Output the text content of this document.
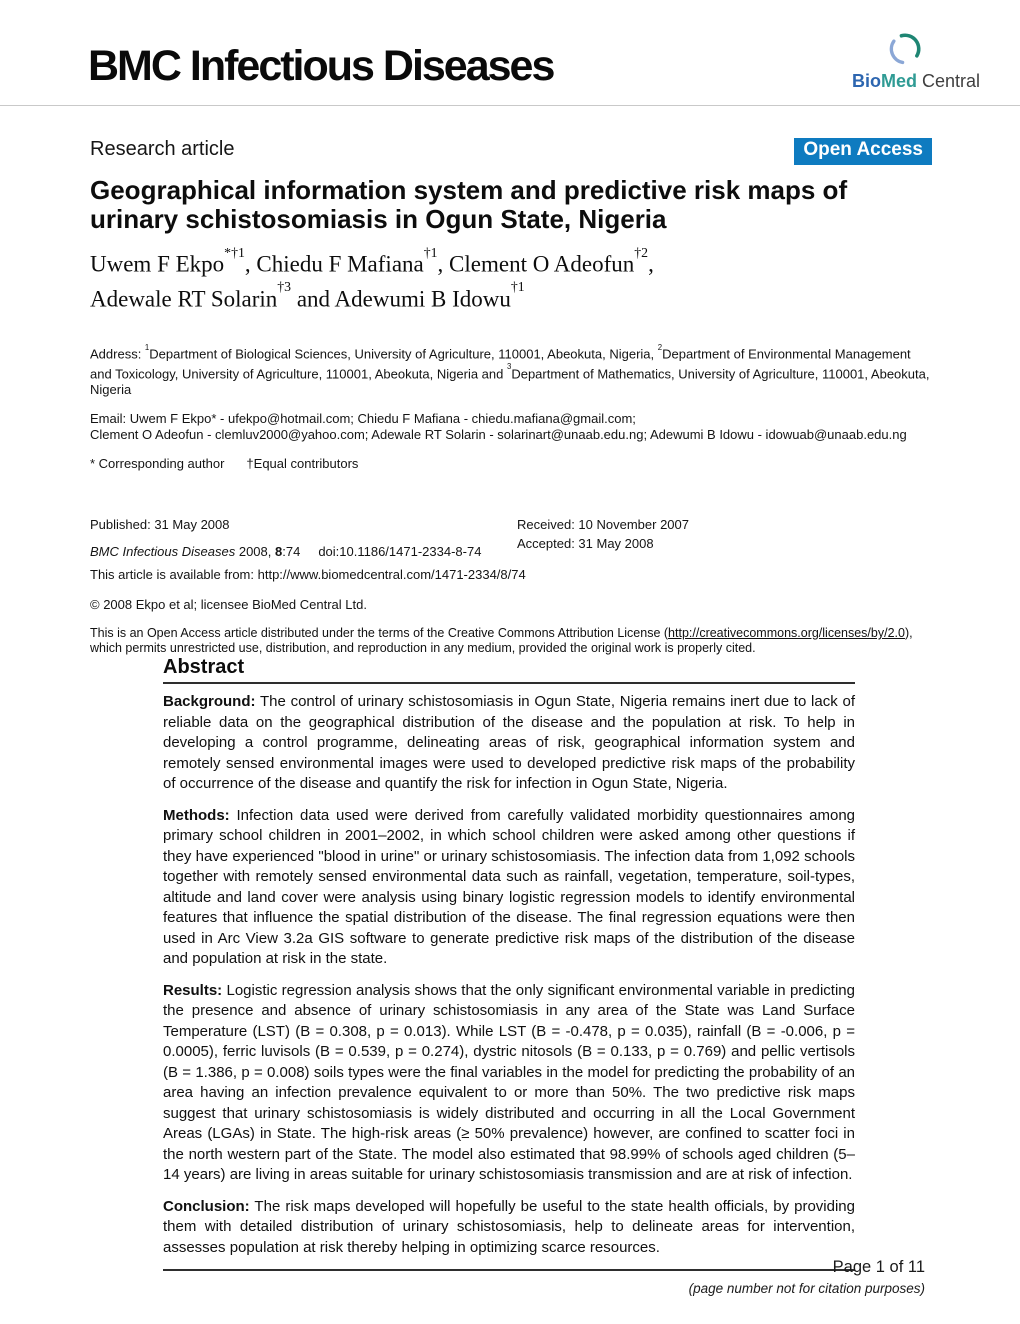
BMC Infectious Diseases	BioMed Central
Research article	Open Access
Geographical information system and predictive risk maps of
urinary schistosomiasis in Ogun State, Nigeria
Uwem F Ekpo$^{*\dagger 1}$, Chiedu F Mafiana$^{\dagger 1}$, Clement O Adeofun$^{\dagger 2}$,
Adewale RT Solarin$^{\dagger 3}$ and Adewumi B Idowu$^{\dagger 1}$

Address: $^1$Department of Biological Sciences, University of Agriculture, 110001, Abeokuta, Nigeria, $^2$Department of Environmental Management and Toxicology, University of Agriculture, 110001, Abeokuta, Nigeria and $^3$Department of Mathematics, University of Agriculture, 110001, Abeokuta, Nigeria

Email: Uwem F Ekpo* - ufekpo@hotmail.com; Chiedu F Mafiana - chiedu.mafiana@gmail.com;
Clement O Adeofun - clemluv2000@yahoo.com; Adewale RT Solarin - solarinart@unaab.edu.ng; Adewumi B Idowu - idowuab@unaab.edu.ng

* Corresponding author †Equal contributors

Published: 31 May 2008
BMC Infectious Diseases 2008, 8:74 doi:10.1186/1471-2334-8-74
Received: 10 November 2007
Accepted: 31 May 2008

This article is available from: http://www.biomedcentral.com/1471-2334/8/74

© 2008 Ekpo et al; licensee BioMed Central Ltd.

This is an Open Access article distributed under the terms of the Creative Commons Attribution License (http://creativecommons.org/licenses/by/2.0), which permits unrestricted use, distribution, and reproduction in any medium, provided the original work is properly cited.

Abstract

Background: The control of urinary schistosomiasis in Ogun State, Nigeria remains inert due to lack of reliable data on the geographical distribution of the disease and the population at risk. To help in developing a control programme, delineating areas of risk, geographical information system and remotely sensed environmental images were used to developed predictive risk maps of the probability of occurrence of the disease and quantify the risk for infection in Ogun State, Nigeria.

Methods: Infection data used were derived from carefully validated morbidity questionnaires among primary school children in 2001–2002, in which school children were asked among other questions if they have experienced "blood in urine" or urinary schistosomiasis. The infection data from 1,092 schools together with remotely sensed environmental data such as rainfall, vegetation, temperature, soil-types, altitude and land cover were analysis using binary logistic regression models to identify environmental features that influence the spatial distribution of the disease. The final regression equations were then used in Arc View 3.2a GIS software to generate predictive risk maps of the distribution of the disease and population at risk in the state.

Results: Logistic regression analysis shows that the only significant environmental variable in predicting the presence and absence of urinary schistosomiasis in any area of the State was Land Surface Temperature (LST) (B = 0.308, p = 0.013). While LST (B = -0.478, p = 0.035), rainfall (B = -0.006, p = 0.0005), ferric luvisols (B = 0.539, p = 0.274), dystric nitosols (B = 0.133, p = 0.769) and pellic vertisols (B = 1.386, p = 0.008) soils types were the final variables in the model for predicting the probability of an area having an infection prevalence equivalent to or more than 50%. The two predictive risk maps suggest that urinary schistosomiasis is widely distributed and occurring in all the Local Government Areas (LGAs) in State. The high-risk areas (≥ 50% prevalence) however, are confined to scatter foci in the north western part of the State. The model also estimated that 98.99% of schools aged children (5–14 years) are living in areas suitable for urinary schistosomiasis transmission and are at risk of infection.

Conclusion: The risk maps developed will hopefully be useful to the state health officials, by providing them with detailed distribution of urinary schistosomiasis, help to delineate areas for intervention, assesses population at risk thereby helping in optimizing scarce resources.

Page 1 of 11
(page number not for citation purposes)
